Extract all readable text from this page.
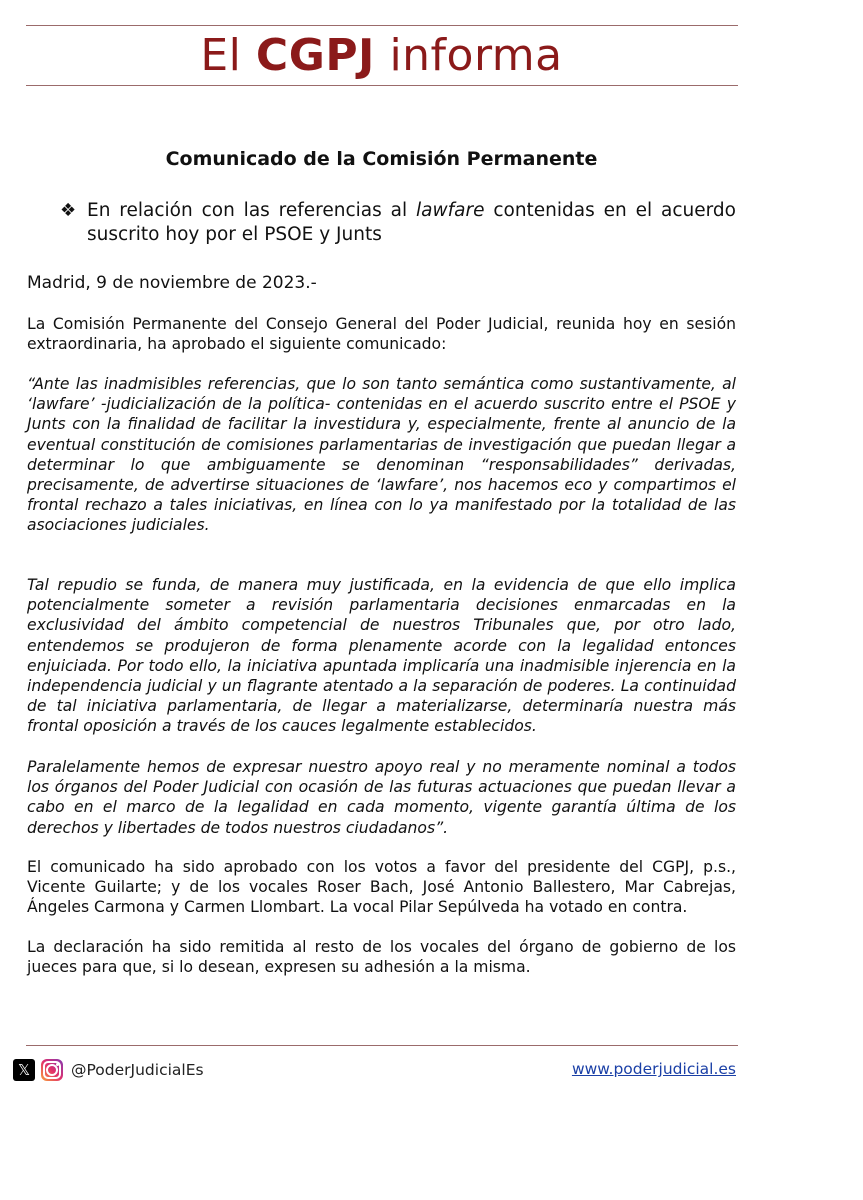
El CGPJ informa
Comunicado de la Comisión Permanente
❖ En relación con las referencias al lawfare contenidas en el acuerdo suscrito hoy por el PSOE y Junts

Madrid, 9 de noviembre de 2023.-

La Comisión Permanente del Consejo General del Poder Judicial, reunida hoy en sesión extraordinaria, ha aprobado el siguiente comunicado:

“Ante las inadmisibles referencias, que lo son tanto semántica como sustantivamente, al ‘lawfare’ -judicialización de la política- contenidas en el acuerdo suscrito entre el PSOE y Junts con la finalidad de facilitar la investidura y, especialmente, frente al anuncio de la eventual constitución de comisiones parlamentarias de investigación que puedan llegar a determinar lo que ambiguamente se denominan “responsabilidades” derivadas, precisamente, de advertirse situaciones de ‘lawfare’, nos hacemos eco y compartimos el frontal rechazo a tales iniciativas, en línea con lo ya manifestado por la totalidad de las asociaciones judiciales.

Tal repudio se funda, de manera muy justificada, en la evidencia de que ello implica potencialmente someter a revisión parlamentaria decisiones enmarcadas en la exclusividad del ámbito competencial de nuestros Tribunales que, por otro lado, entendemos se produjeron de forma plenamente acorde con la legalidad entonces enjuiciada. Por todo ello, la iniciativa apuntada implicaría una inadmisible injerencia en la independencia judicial y un flagrante atentado a la separación de poderes. La continuidad de tal iniciativa parlamentaria, de llegar a materializarse, determinaría nuestra más frontal oposición a través de los cauces legalmente establecidos.

Paralelamente hemos de expresar nuestro apoyo real y no meramente nominal a todos los órganos del Poder Judicial con ocasión de las futuras actuaciones que puedan llevar a cabo en el marco de la legalidad en cada momento, vigente garantía última de los derechos y libertades de todos nuestros ciudadanos”.

El comunicado ha sido aprobado con los votos a favor del presidente del CGPJ, p.s., Vicente Guilarte; y de los vocales Roser Bach, José Antonio Ballestero, Mar Cabrejas, Ángeles Carmona y Carmen Llombart. La vocal Pilar Sepúlveda ha votado en contra.

La declaración ha sido remitida al resto de los vocales del órgano de gobierno de los jueces para que, si lo desean, expresen su adhesión a la misma.

𝕏	@PoderJudicialEs	www.poderjudicial.es
